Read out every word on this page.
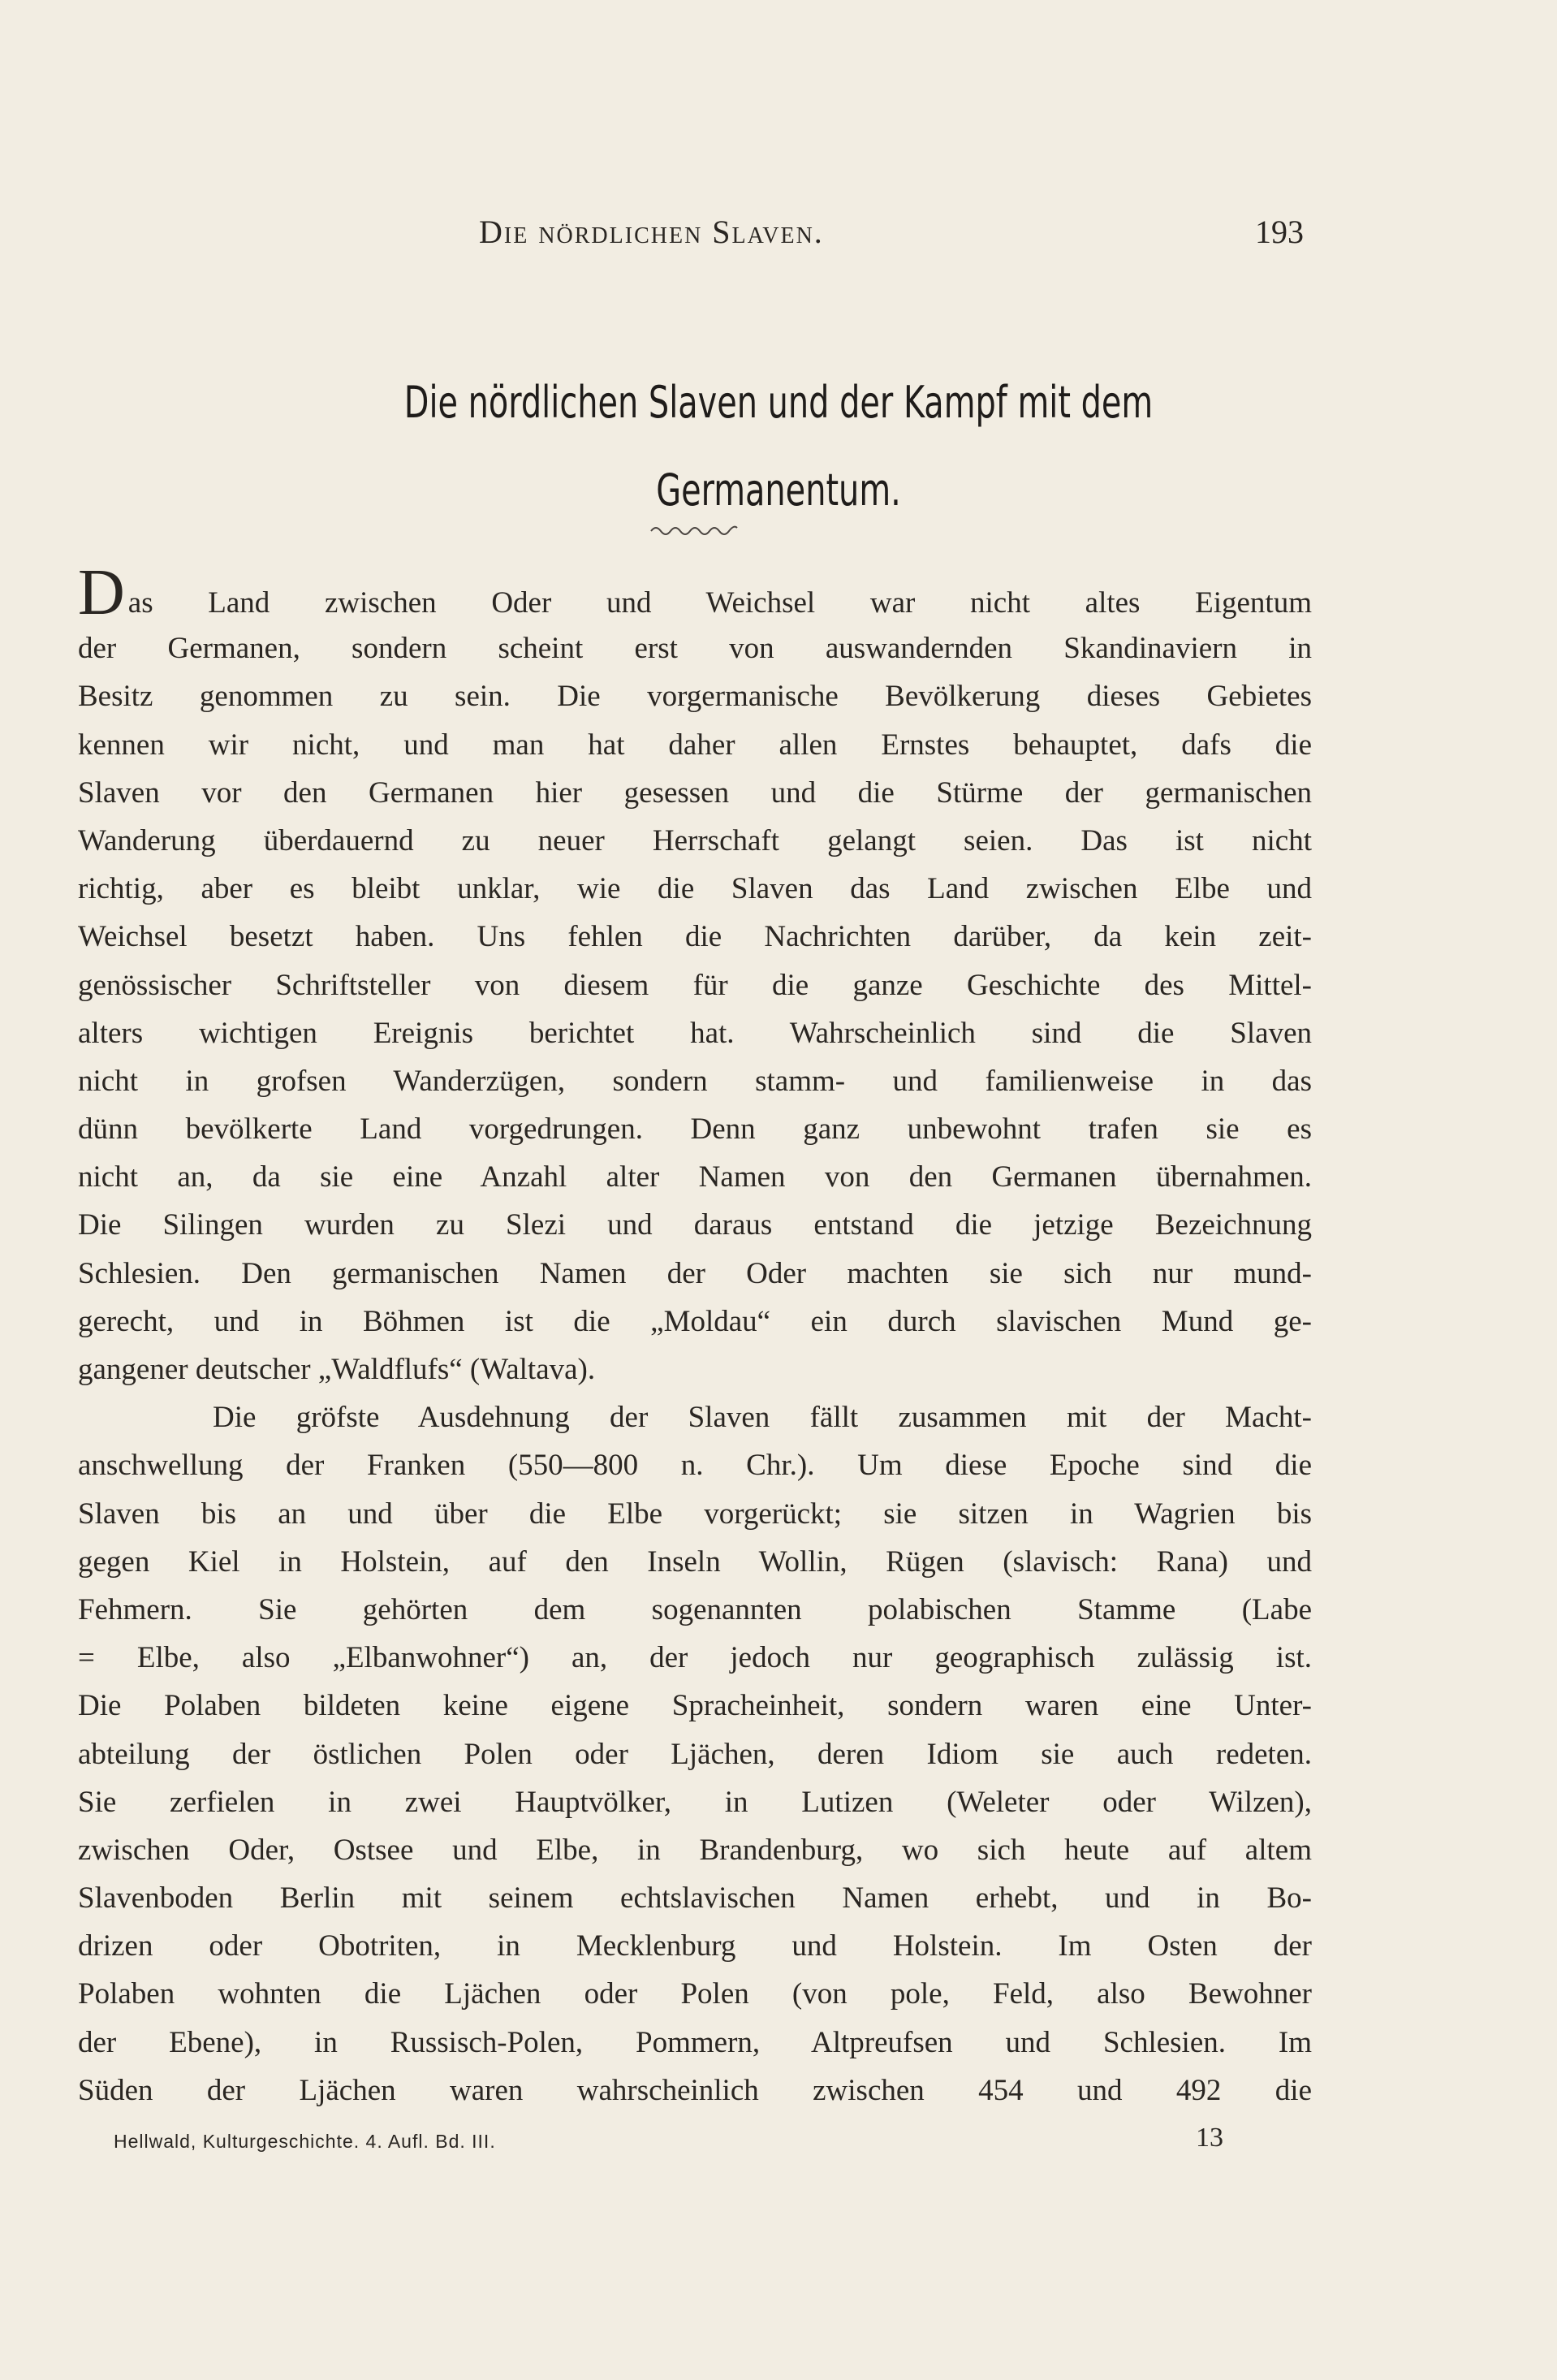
Die nördlichen Slaven.	193
Die nördlichen Slaven und der Kampf mit dem
Germanentum.
Das Land zwischen Oder und Weichsel war nicht altes Eigentum
der Germanen, sondern scheint erst von auswandernden Skandinaviern in
Besitz genommen zu sein. Die vorgermanische Bevölkerung dieses Gebietes
kennen wir nicht, und man hat daher allen Ernstes behauptet, dafs die
Slaven vor den Germanen hier gesessen und die Stürme der germanischen
Wanderung überdauernd zu neuer Herrschaft gelangt seien. Das ist nicht
richtig, aber es bleibt unklar, wie die Slaven das Land zwischen Elbe und
Weichsel besetzt haben. Uns fehlen die Nachrichten darüber, da kein zeit-
genössischer Schriftsteller von diesem für die ganze Geschichte des Mittel-
alters wichtigen Ereignis berichtet hat. Wahrscheinlich sind die Slaven
nicht in grofsen Wanderzügen, sondern stamm- und familienweise in das
dünn bevölkerte Land vorgedrungen. Denn ganz unbewohnt trafen sie es
nicht an, da sie eine Anzahl alter Namen von den Germanen übernahmen.
Die Silingen wurden zu Slezi und daraus entstand die jetzige Bezeichnung
Schlesien. Den germanischen Namen der Oder machten sie sich nur mund-
gerecht, und in Böhmen ist die „Moldau“ ein durch slavischen Mund ge-
gangener deutscher „Waldflufs“ (Waltava).
Die gröfste Ausdehnung der Slaven fällt zusammen mit der Macht-
anschwellung der Franken (550—800 n. Chr.). Um diese Epoche sind die
Slaven bis an und über die Elbe vorgerückt; sie sitzen in Wagrien bis
gegen Kiel in Holstein, auf den Inseln Wollin, Rügen (slavisch: Rana) und
Fehmern. Sie gehörten dem sogenannten polabischen Stamme (Labe
= Elbe, also „Elbanwohner“) an, der jedoch nur geographisch zulässig ist.
Die Polaben bildeten keine eigene Spracheinheit, sondern waren eine Unter-
abteilung der östlichen Polen oder Ljächen, deren Idiom sie auch redeten.
Sie zerfielen in zwei Hauptvölker, in Lutizen (Weleter oder Wilzen),
zwischen Oder, Ostsee und Elbe, in Brandenburg, wo sich heute auf altem
Slavenboden Berlin mit seinem echtslavischen Namen erhebt, und in Bo-
drizen oder Obotriten, in Mecklenburg und Holstein. Im Osten der
Polaben wohnten die Ljächen oder Polen (von pole, Feld, also Bewohner
der Ebene), in Russisch-Polen, Pommern, Altpreufsen und Schlesien. Im
Süden der Ljächen waren wahrscheinlich zwischen 454 und 492 die
Hellwald, Kulturgeschichte. 4. Aufl. Bd. III.	13
